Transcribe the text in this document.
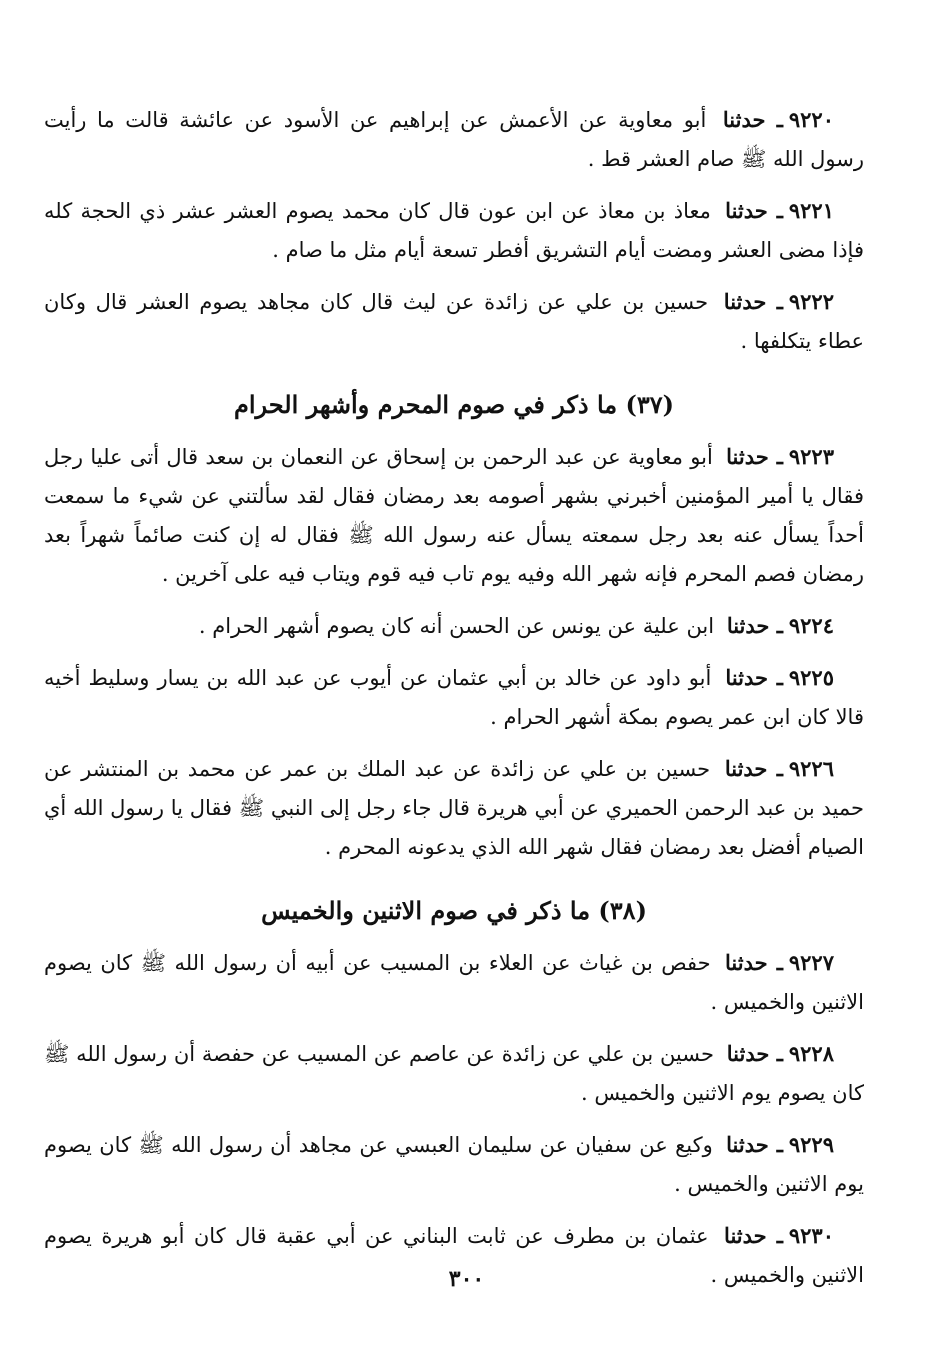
٩٢٢٠ـ حدثنا أبو معاوية عن الأعمش عن إبراهيم عن الأسود عن عائشة قالت ما رأيت رسول الله ﷺ صام العشر قط .

٩٢٢١ـ حدثنا معاذ بن معاذ عن ابن عون قال كان محمد يصوم العشر عشر ذي الحجة كله فإذا مضى العشر ومضت أيام التشريق أفطر تسعة أيام مثل ما صام .

٩٢٢٢ـ حدثنا حسين بن علي عن زائدة عن ليث قال كان مجاهد يصوم العشر قال وكان عطاء يتكلفها .

(٣٧) ما ذكر في صوم المحرم وأشهر الحرام

٩٢٢٣ـ حدثنا أبو معاوية عن عبد الرحمن بن إسحاق عن النعمان بن سعد قال أتى عليا رجل فقال يا أمير المؤمنين أخبرني بشهر أصومه بعد رمضان فقال لقد سألتني عن شيء ما سمعت أحداً يسأل عنه بعد رجل سمعته يسأل عنه رسول الله ﷺ فقال له إن كنت صائماً شهراً بعد رمضان فصم المحرم فإنه شهر الله وفيه يوم تاب فيه قوم ويتاب فيه على آخرين .

٩٢٢٤ـ حدثنا ابن علية عن يونس عن الحسن أنه كان يصوم أشهر الحرام .

٩٢٢٥ـ حدثنا أبو داود عن خالد بن أبي عثمان عن أيوب عن عبد الله بن يسار وسليط أخيه قالا كان ابن عمر يصوم بمكة أشهر الحرام .

٩٢٢٦ـ حدثنا حسين بن علي عن زائدة عن عبد الملك بن عمر عن محمد بن المنتشر عن حميد بن عبد الرحمن الحميري عن أبي هريرة قال جاء رجل إلى النبي ﷺ فقال يا رسول الله أي الصيام أفضل بعد رمضان فقال شهر الله الذي يدعونه المحرم .

(٣٨) ما ذكر في صوم الاثنين والخميس

٩٢٢٧ـ حدثنا حفص بن غياث عن العلاء بن المسيب عن أبيه أن رسول الله ﷺ كان يصوم الاثنين والخميس .

٩٢٢٨ـ حدثنا حسين بن علي عن زائدة عن عاصم عن المسيب عن حفصة أن رسول الله ﷺ كان يصوم يوم الاثنين والخميس .

٩٢٢٩ـ حدثنا وكيع عن سفيان عن سليمان العبسي عن مجاهد أن رسول الله ﷺ كان يصوم يوم الاثنين والخميس .

٩٢٣٠ـ حدثنا عثمان بن مطرف عن ثابت البناني عن أبي عقبة قال كان أبو هريرة يصوم الاثنين والخميس .

٣٠٠
